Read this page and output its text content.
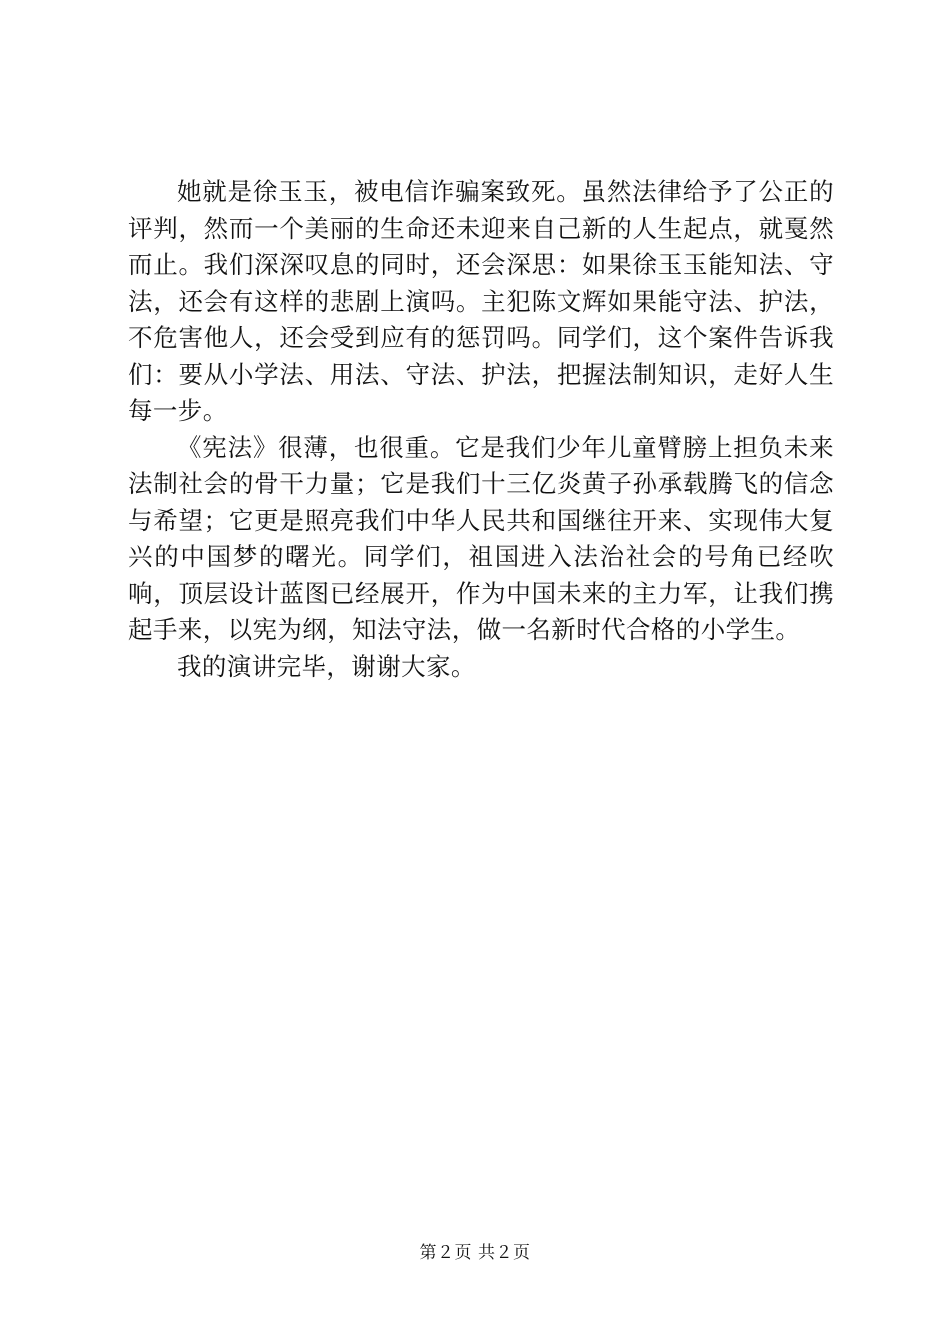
她就是徐玉玉，被电信诈骗案致死。虽然法律给予了公正的评判，然而一个美丽的生命还未迎来自己新的人生起点，就戛然而止。我们深深叹息的同时，还会深思：如果徐玉玉能知法、守法，还会有这样的悲剧上演吗。主犯陈文辉如果能守法、护法，不危害他人，还会受到应有的惩罚吗。同学们，这个案件告诉我们：要从小学法、用法、守法、护法，把握法制知识，走好人生每一步。

《宪法》很薄，也很重。它是我们少年儿童臂膀上担负未来法制社会的骨干力量；它是我们十三亿炎黄子孙承载腾飞的信念与希望；它更是照亮我们中华人民共和国继往开来、实现伟大复兴的中国梦的曙光。同学们，祖国进入法治社会的号角已经吹响，顶层设计蓝图已经展开，作为中国未来的主力军，让我们携起手来，以宪为纲，知法守法，做一名新时代合格的小学生。

我的演讲完毕，谢谢大家。

第２页 共２页
